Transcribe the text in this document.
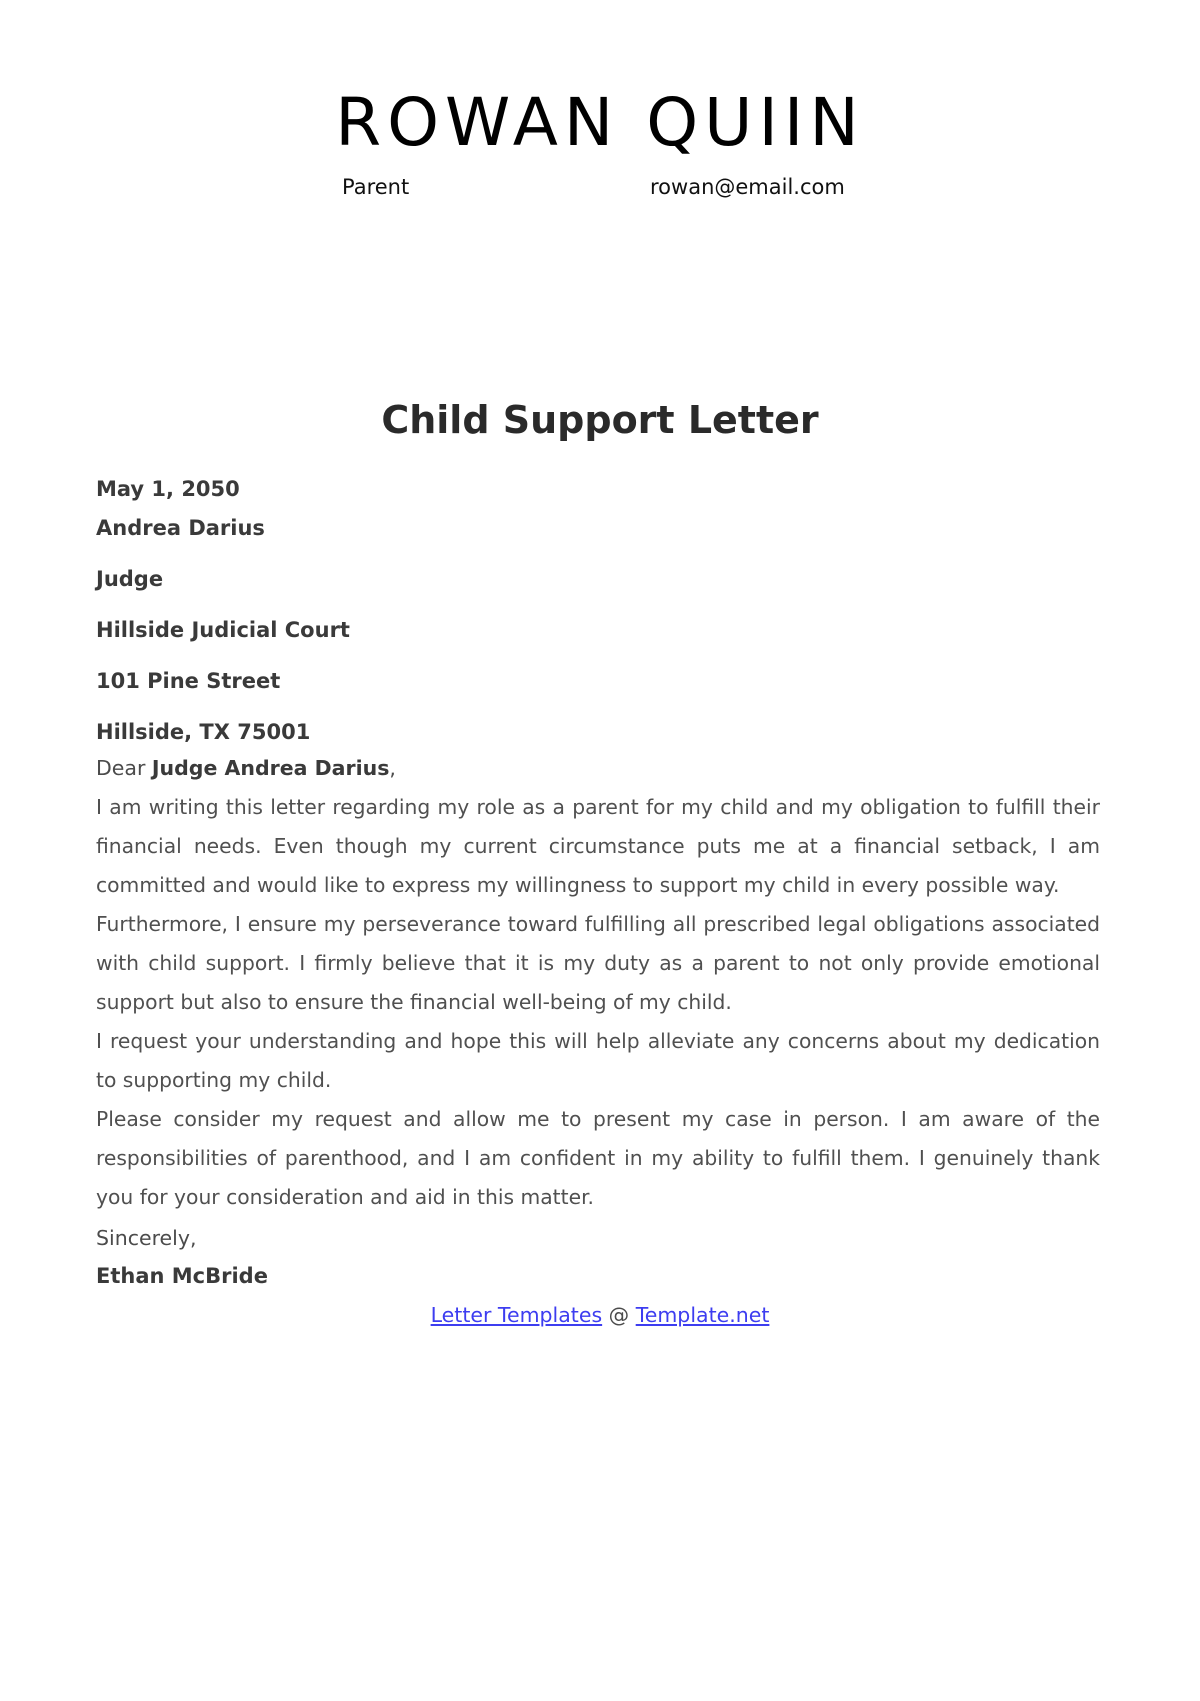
ROWAN QUIIN
Parent	rowan@email.com
Child Support Letter
May 1, 2050
Andrea Darius
Judge
Hillside Judicial Court
101 Pine Street
Hillside, TX 75001
Dear Judge Andrea Darius,

I am writing this letter regarding my role as a parent for my child and my obligation to fulfill their financial needs. Even though my current circumstance puts me at a financial setback, I am committed and would like to express my willingness to support my child in every possible way.

Furthermore, I ensure my perseverance toward fulfilling all prescribed legal obligations associated with child support. I firmly believe that it is my duty as a parent to not only provide emotional support but also to ensure the financial well-being of my child.

I request your understanding and hope this will help alleviate any concerns about my dedication to supporting my child.

Please consider my request and allow me to present my case in person. I am aware of the responsibilities of parenthood, and I am confident in my ability to fulfill them. I genuinely thank you for your consideration and aid in this matter.

Sincerely,
Ethan McBride
Letter Templates @ Template.net
